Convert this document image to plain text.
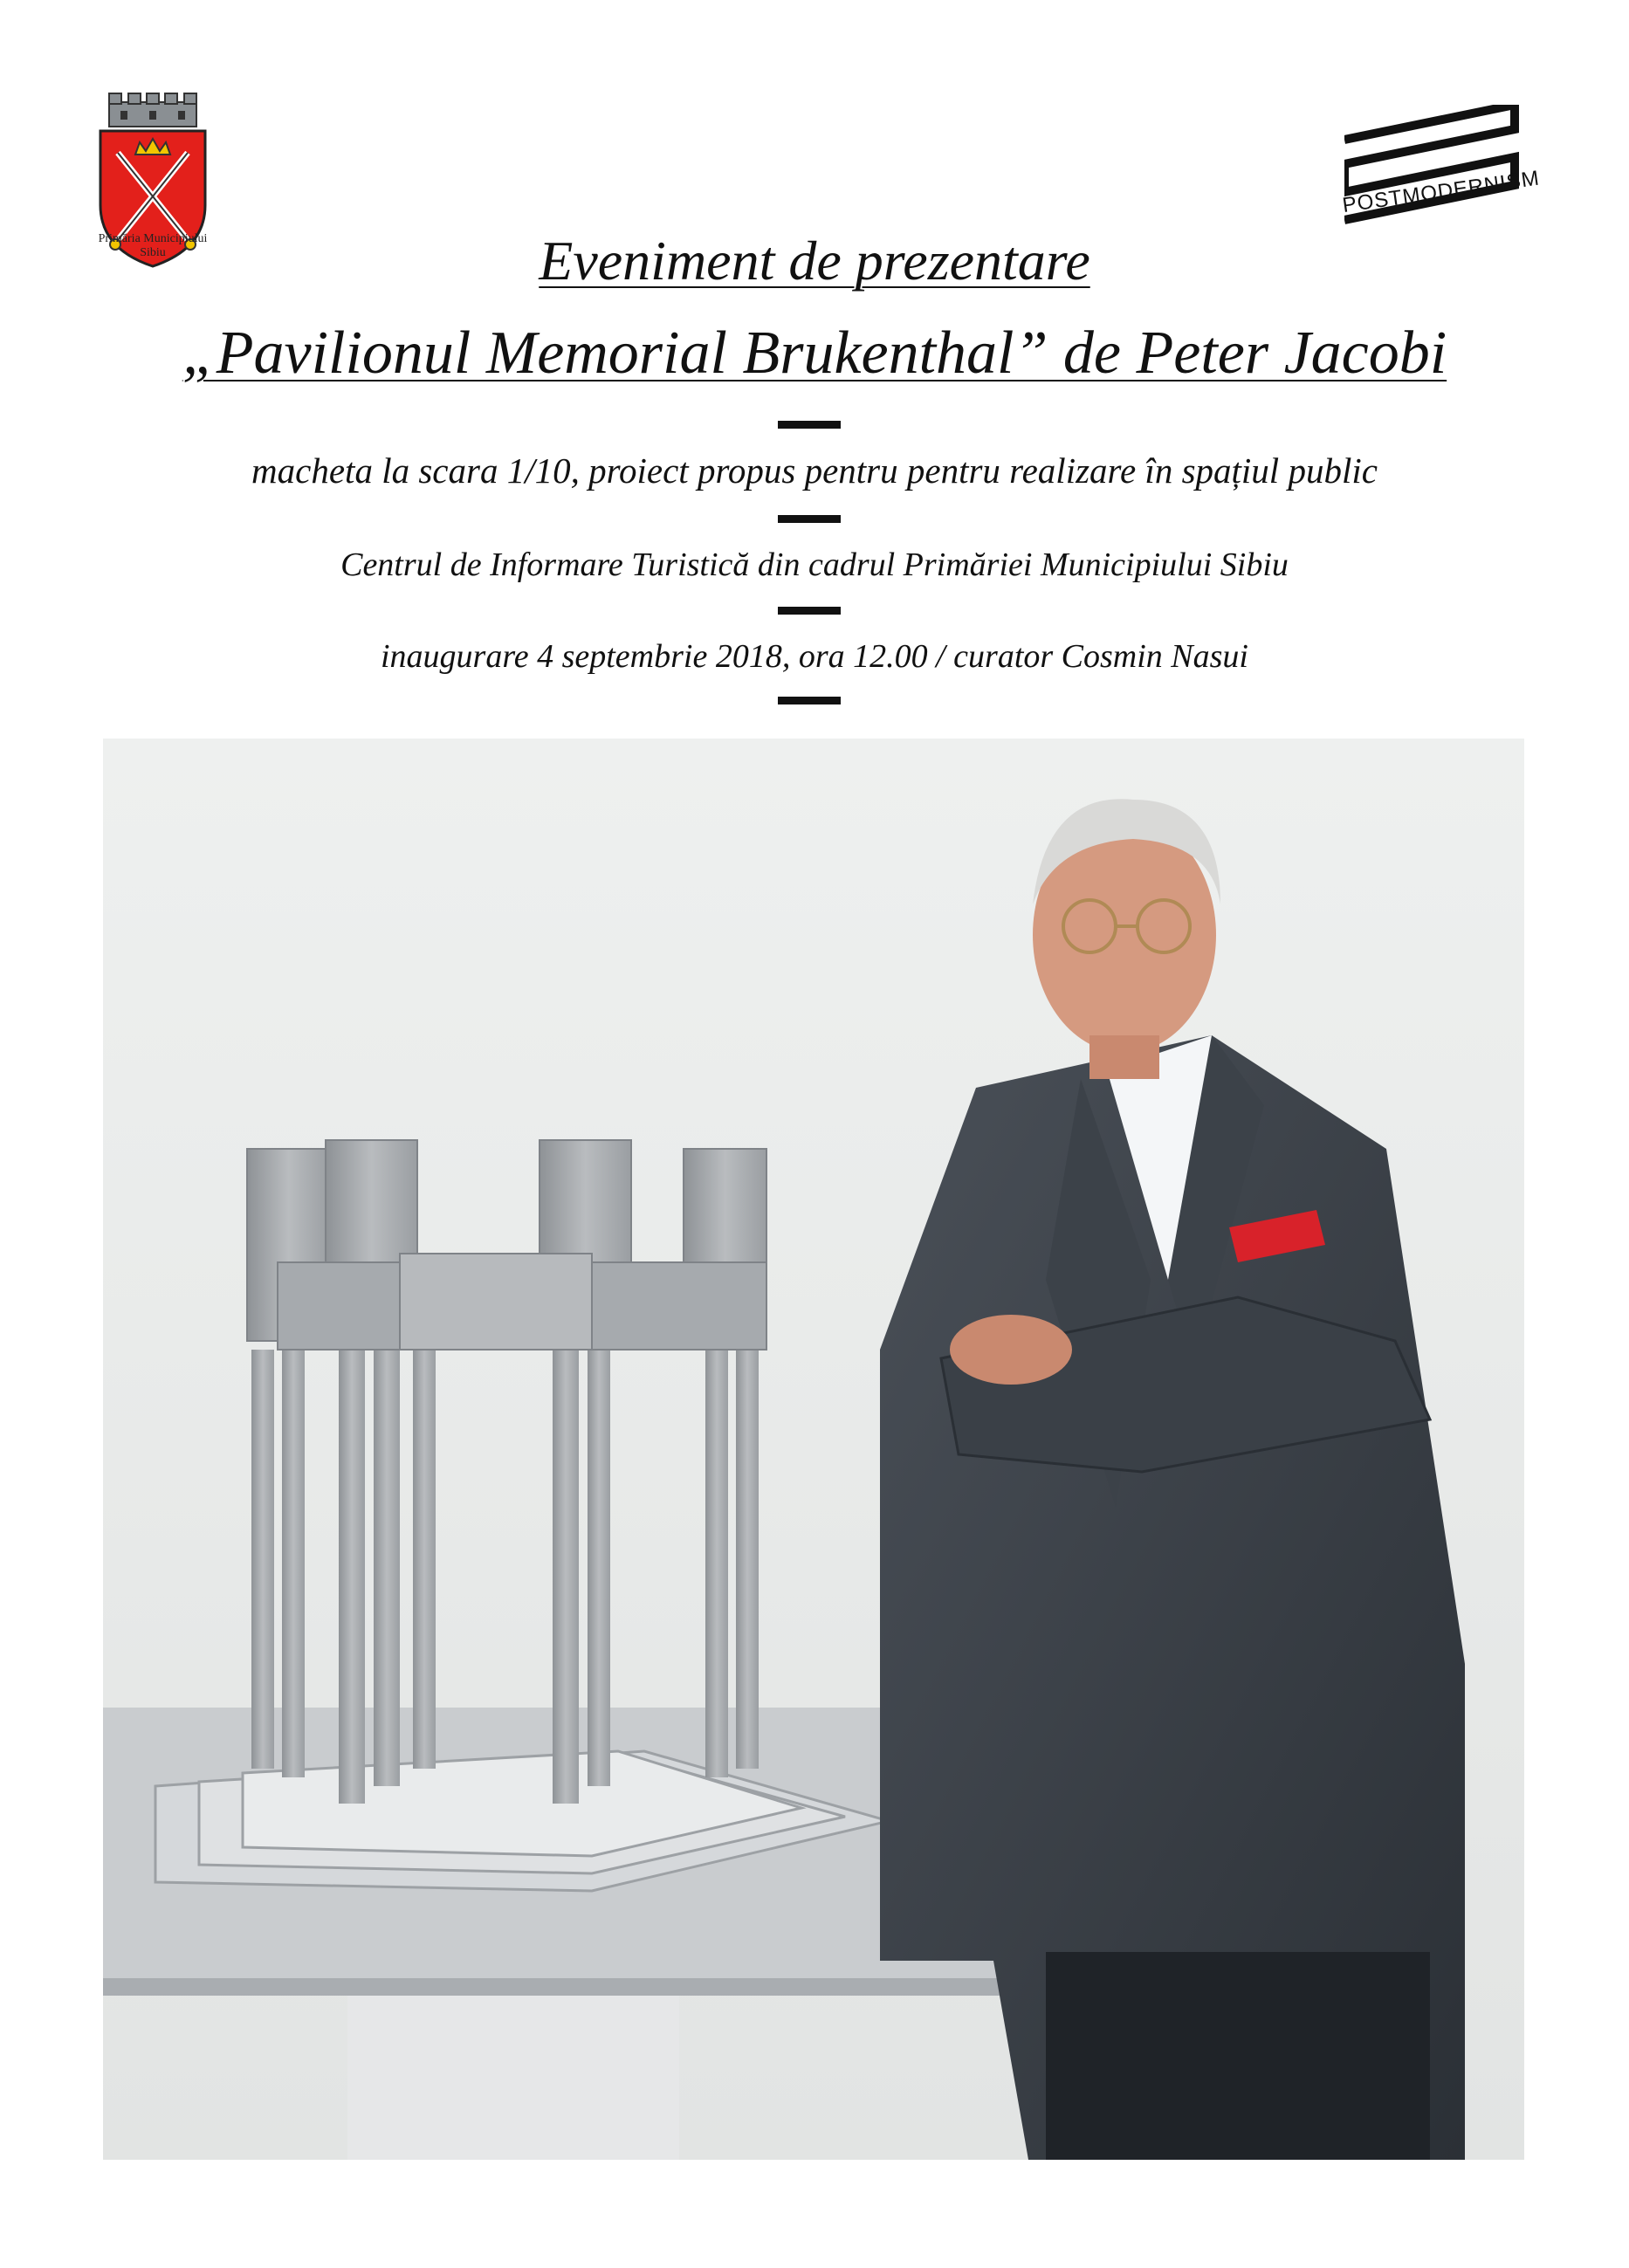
Primăria Municipiului
Sibiu
POSTMODERNISM
Eveniment de prezentare
„Pavilionul Memorial Brukenthal” de Peter Jacobi
macheta la scara 1/10, proiect propus pentru pentru realizare în spațiul public
Centrul de Informare Turistică din cadrul Primăriei Municipiului Sibiu
inaugurare 4 septembrie 2018, ora 12.00 / curator Cosmin Nasui
